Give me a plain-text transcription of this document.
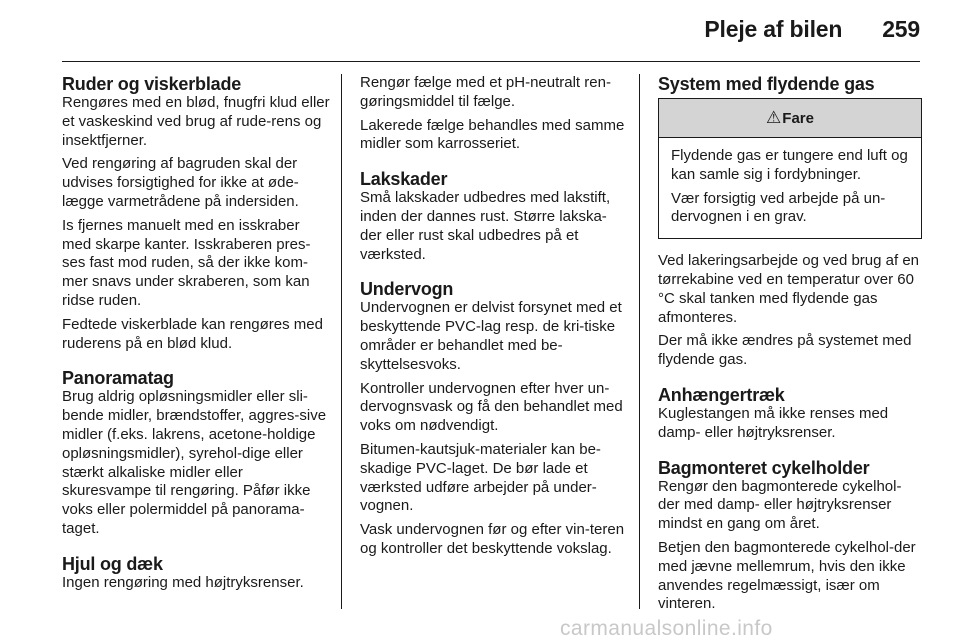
Pleje af bilen 259
Ruder og viskerblade

Rengøres med en blød, fnugfri klud eller et vaskeskind ved brug af rude-rens og insektfjerner.

Ved rengøring af bagruden skal der udvises forsigtighed for ikke at øde-lægge varmetrådene på indersiden.

Is fjernes manuelt med en isskraber med skarpe kanter. Isskraberen pres-ses fast mod ruden, så der ikke kom-mer snavs under skraberen, som kan ridse ruden.

Fedtede viskerblade kan rengøres med ruderens på en blød klud.

Panoramatag

Brug aldrig opløsningsmidler eller sli-bende midler, brændstoffer, aggres-sive midler (f.eks. lakrens, acetone-holdige opløsningsmidler), syrehol-dige eller stærkt alkaliske midler eller skuresvampe til rengøring. Påfør ikke voks eller polermiddel på panorama-taget.

Hjul og dæk

Ingen rengøring med højtryksrenser.

Rengør fælge med et pH-neutralt ren-gøringsmiddel til fælge.

Lakerede fælge behandles med samme midler som karrosseriet.

Lakskader

Små lakskader udbedres med lakstift, inden der dannes rust. Større lakska-der eller rust skal udbedres på et værksted.

Undervogn

Undervognen er delvist forsynet med et beskyttende PVC-lag resp. de kri-tiske områder er behandlet med be-skyttelsesvoks.

Kontroller undervognen efter hver un-dervognsvask og få den behandlet med voks om nødvendigt.

Bitumen-kautsjuk-materialer kan be-skadige PVC-laget. De bør lade et værksted udføre arbejder på under-vognen.

Vask undervognen før og efter vin-teren og kontroller det beskyttende vokslag.

System med flydende gas
⚠Fare

Flydende gas er tungere end luft og kan samle sig i fordybninger.

Vær forsigtig ved arbejde på un-dervognen i en grav.

Ved lakeringsarbejde og ved brug af en tørrekabine ved en temperatur over 60 °C skal tanken med flydende gas afmonteres.

Der må ikke ændres på systemet med flydende gas.

Anhængertræk

Kuglestangen må ikke renses med damp- eller højtryksrenser.

Bagmonteret cykelholder

Rengør den bagmonterede cykelhol-der med damp- eller højtryksrenser mindst en gang om året.

Betjen den bagmonterede cykelhol-der med jævne mellemrum, hvis den ikke anvendes regelmæssigt, især om vinteren.

carmanualsonline.info
